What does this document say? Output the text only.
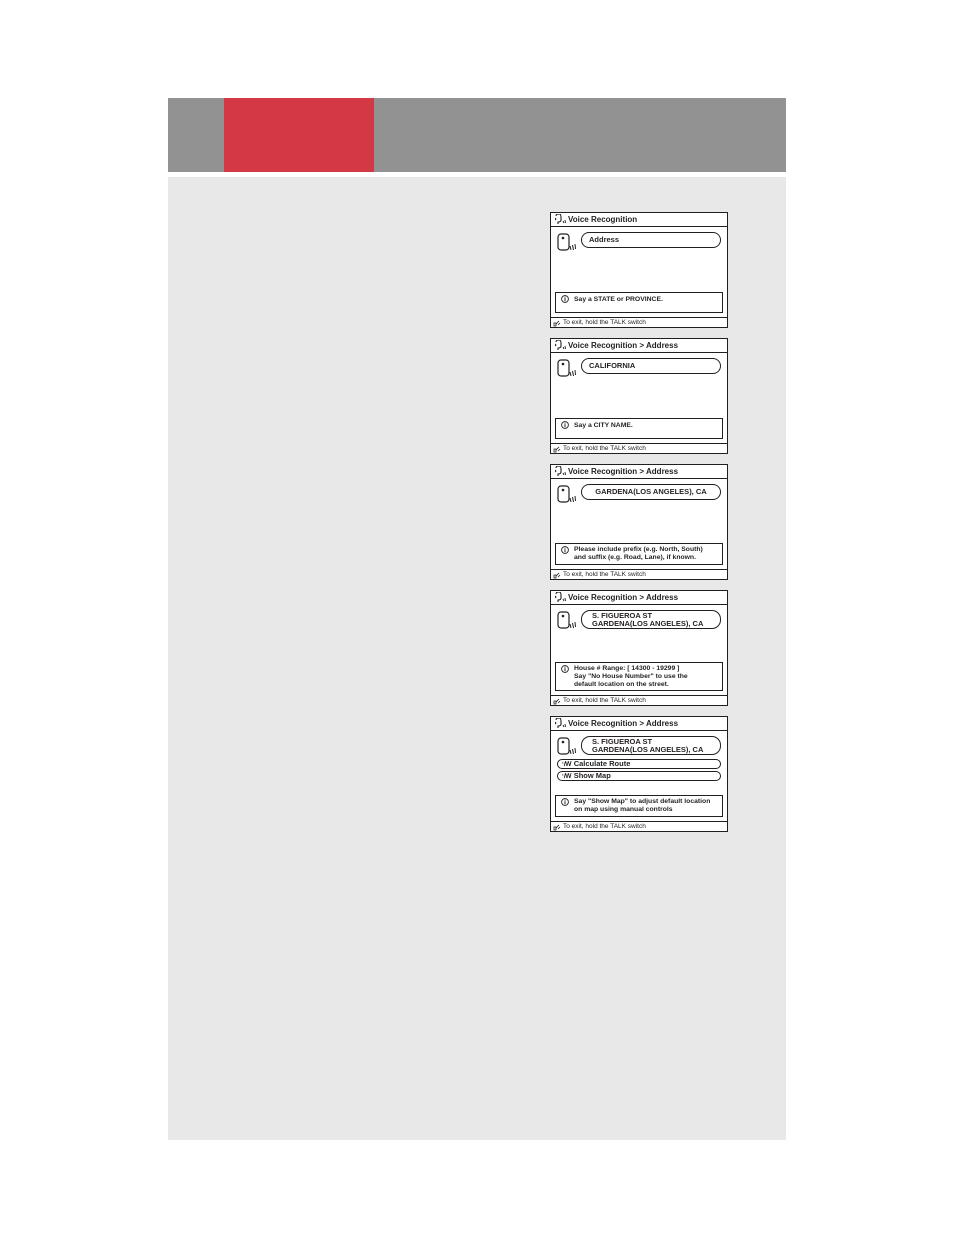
Voice Recognition
Address
Say a STATE or PROVINCE.
To exit, hold the TALK switch
Voice Recognition > Address
CALIFORNIA
Say a CITY NAME.
To exit, hold the TALK switch
Voice Recognition > Address
GARDENA(LOS ANGELES), CA
Please include prefix (e.g. North, South)
and suffix (e.g. Road, Lane), if known.
To exit, hold the TALK switch
Voice Recognition > Address
S. FIGUEROA ST
GARDENA(LOS ANGELES), CA
House # Range: [ 14300 - 19299 ]
Say "No House Number" to use the
default location on the street.
To exit, hold the TALK switch
Voice Recognition > Address
S. FIGUEROA ST
GARDENA(LOS ANGELES), CA
ʻꟿ Calculate Route
ʻꟿ Show Map
Say "Show Map" to adjust default location
on map using manual controls
To exit, hold the TALK switch
